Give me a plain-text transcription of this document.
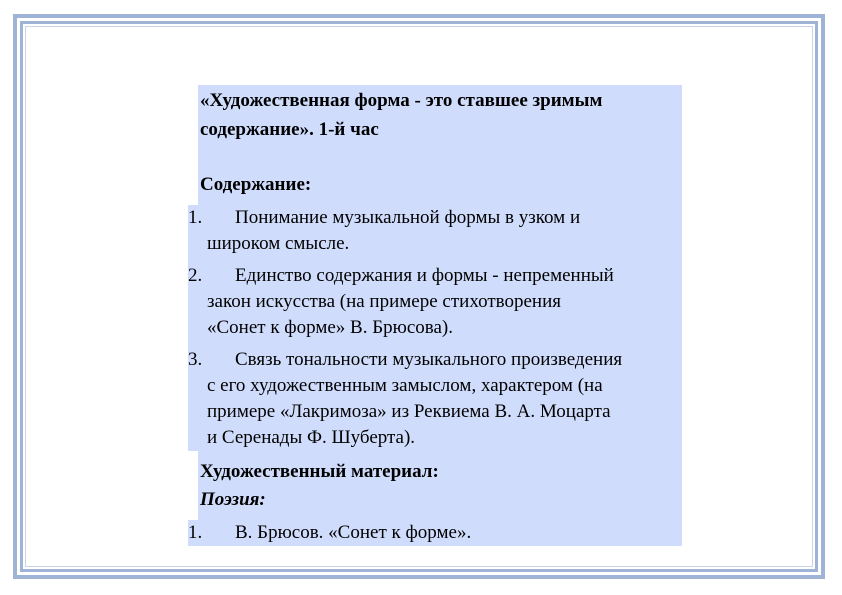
«Художественная форма - это ставшее зримым
содержание». 1-й час
Содержание:
1. Понимание музыкальной формы в узком и
широком смысле.
2. Единство содержания и формы - непременный
закон искусства (на примере стихотворения
«Сонет к форме» В. Брюсова).
3. Связь тональности музыкального произведения
с его художественным замыслом, характером (на
примере «Лакримоза» из Реквиема В. А. Моцарта
и Серенады Ф. Шуберта).
Художественный материал:
Поэзия:
1. В. Брюсов. «Сонет к форме».
